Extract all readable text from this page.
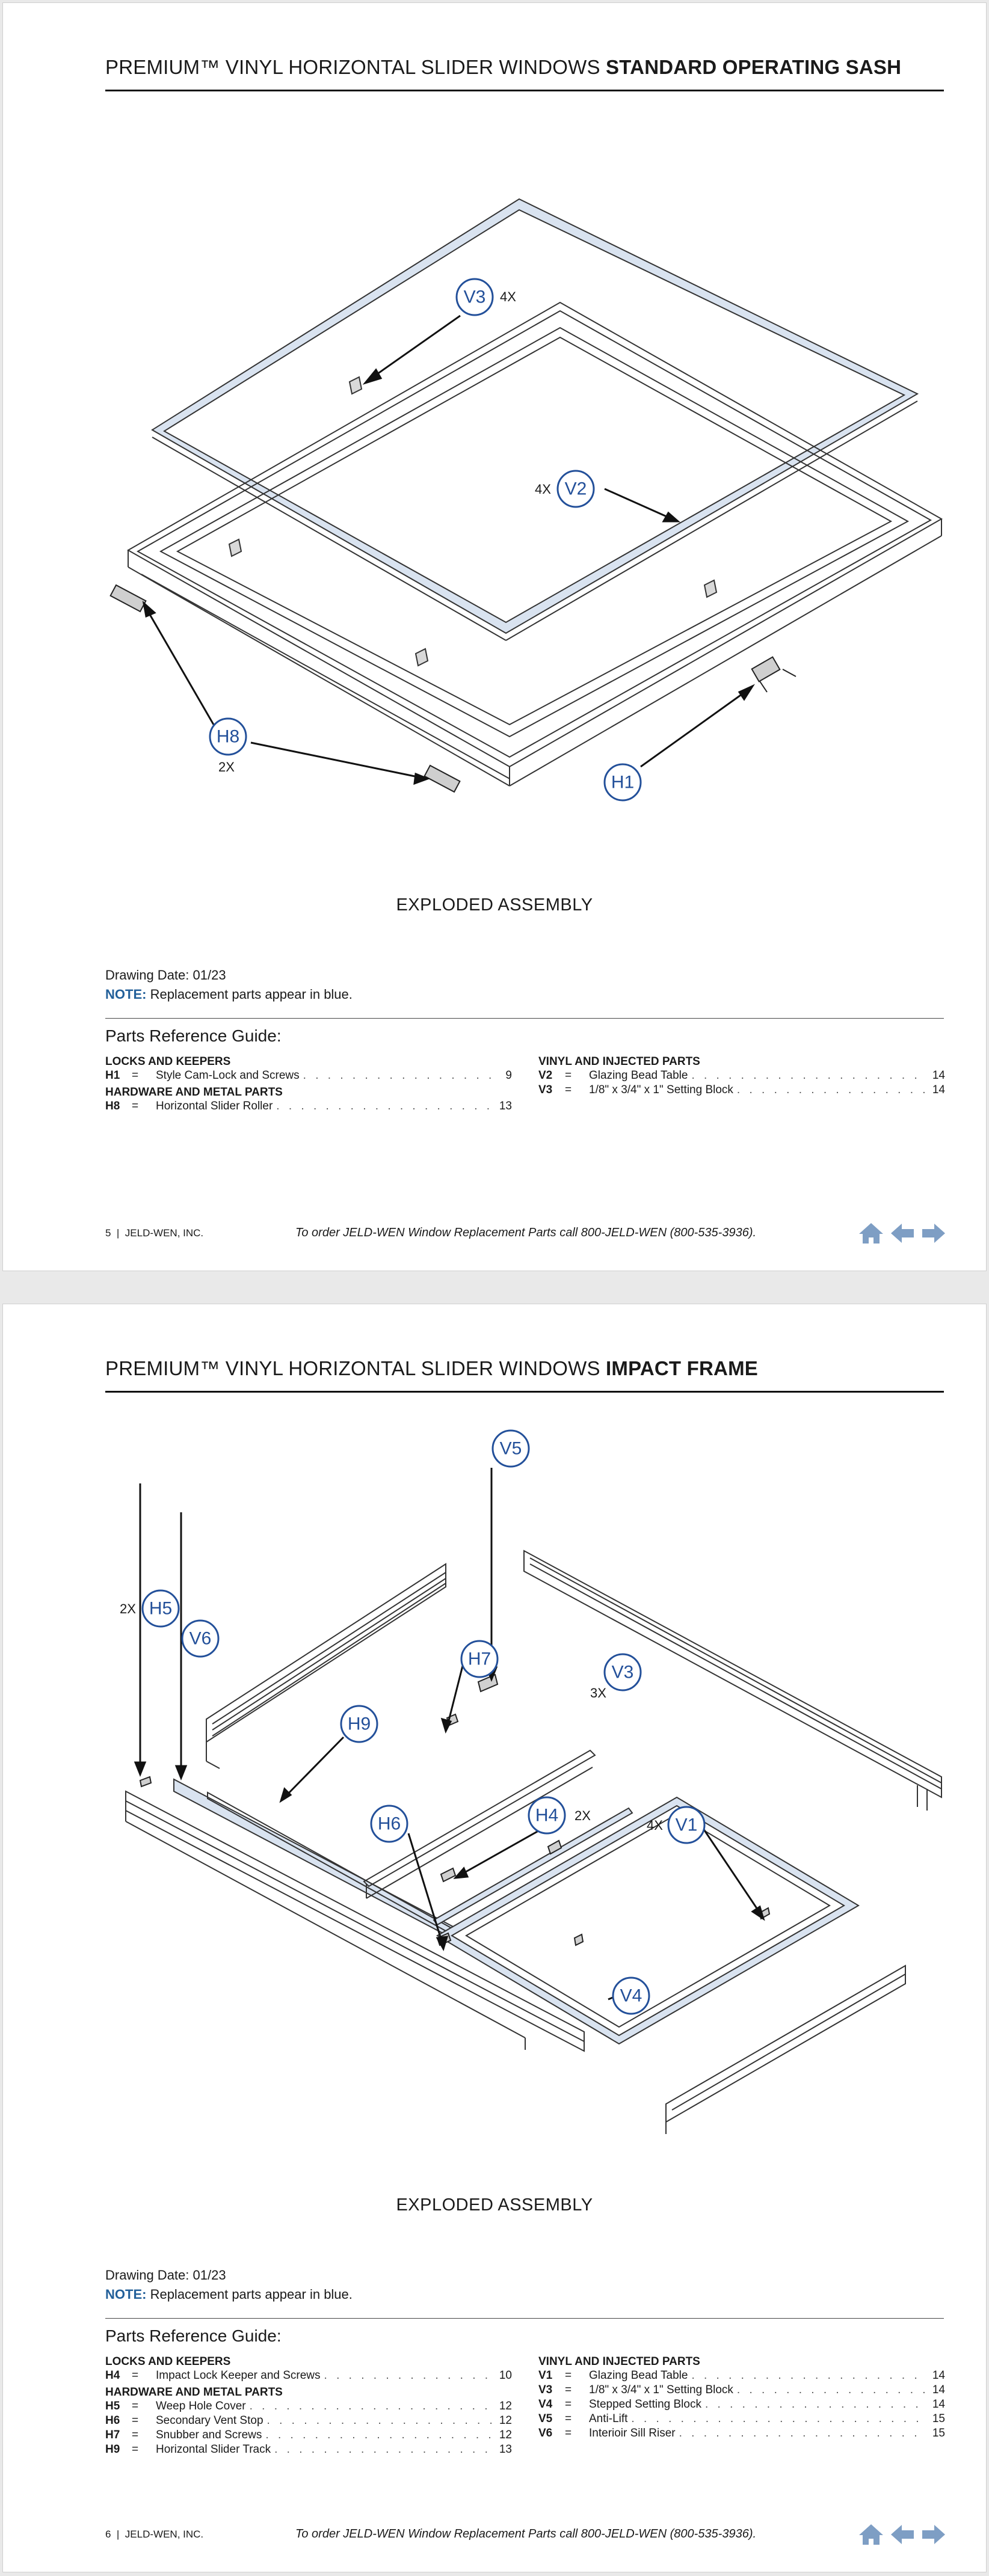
PREMIUM™ VINYL HORIZONTAL SLIDER WINDOWS STANDARD OPERATING SASH
V3 4X
V2
4X
H8
2X
H1
EXPLODED ASSEMBLY
Drawing Date: 01/23
NOTE: Replacement parts appear in blue.
Parts Reference Guide:
LOCKS AND KEEPERS
H1	=	Style Cam-Lock and Screws . . .	9
HARDWARE AND METAL PARTS
H8	=	Horizontal Slider Roller . . .	13
VINYL AND INJECTED PARTS
V2	=	Glazing Bead Table . . .	14
V3	=	1/8" x 3/4" x 1" Setting Block . . .	14
5 | JELD-WEN, INC.	To order JELD-WEN Window Replacement Parts call 800-JELD-WEN (800-535-3936).
PREMIUM™ VINYL HORIZONTAL SLIDER WINDOWS IMPACT FRAME
V5
H5
2X
V6
H7
V3
3X
H9
H4 2X
H6	V1
4X
V4
EXPLODED ASSEMBLY
Drawing Date: 01/23
NOTE: Replacement parts appear in blue.
Parts Reference Guide:
LOCKS AND KEEPERS
H4	=	Impact Lock Keeper and Screws . . .	10
HARDWARE AND METAL PARTS
H5	=	Weep Hole Cover . . .	12
H6	=	Secondary Vent Stop . . .	12
H7	=	Snubber and Screws . . .	12
H9	=	Horizontal Slider Track . . .	13
VINYL AND INJECTED PARTS
V1	=	Glazing Bead Table . . .	14
V3	=	1/8" x 3/4" x 1" Setting Block . . .	14
V4	=	Stepped Setting Block . . .	14
V5	=	Anti-Lift . . .	15
V6	=	Interioir Sill Riser . . .	15
6 | JELD-WEN, INC.	To order JELD-WEN Window Replacement Parts call 800-JELD-WEN (800-535-3936).
